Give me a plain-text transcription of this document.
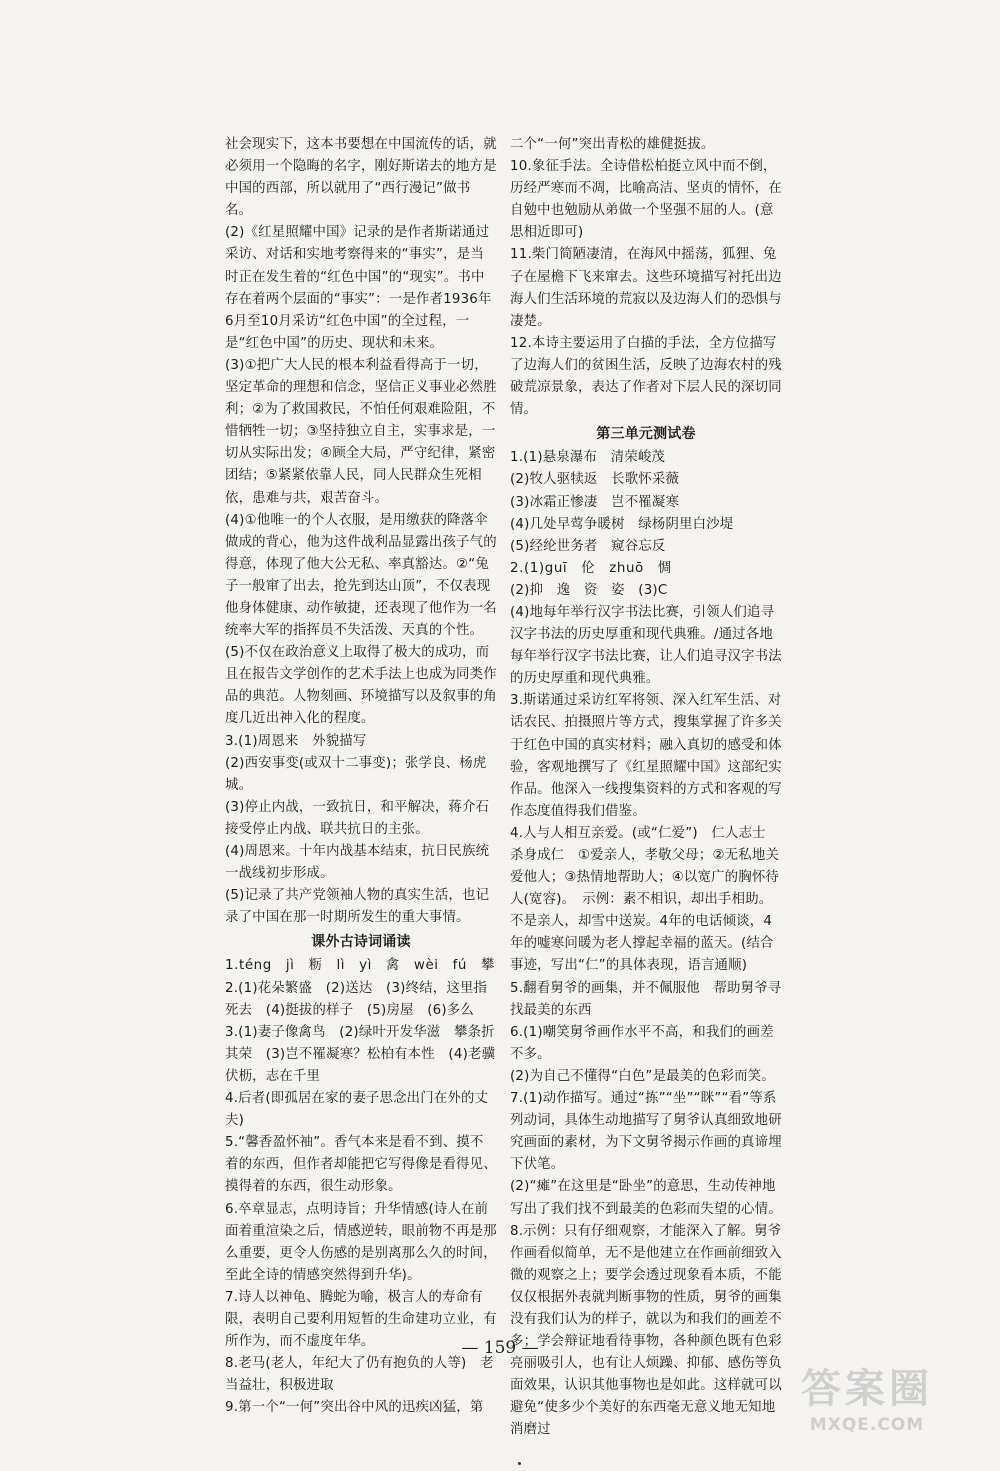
社会现实下，这本书要想在中国流传的话，就必须用一个隐晦的名字，刚好斯诺去的地方是中国的西部，所以就用了“西行漫记”做书名。

(2)《红星照耀中国》记录的是作者斯诺通过采访、对话和实地考察得来的“事实”，是当时正在发生着的“红色中国”的“现实”。书中存在着两个层面的“事实”：一是作者1936年6月至10月采访“红色中国”的全过程，一是“红色中国”的历史、现状和未来。

(3)①把广大人民的根本利益看得高于一切，坚定革命的理想和信念，坚信正义事业必然胜利；②为了救国救民，不怕任何艰难险阻，不惜牺牲一切；③坚持独立自主，实事求是，一切从实际出发；④顾全大局，严守纪律，紧密团结；⑤紧紧依靠人民，同人民群众生死相依，患难与共，艰苦奋斗。

(4)①他唯一的个人衣服，是用缴获的降落伞做成的背心，他为这件战利品显露出孩子气的得意，体现了他大公无私、率真豁达。②“兔子一般窜了出去，抢先到达山顶”，不仅表现他身体健康、动作敏捷，还表现了他作为一名统率大军的指挥员不失活泼、天真的个性。

(5)不仅在政治意义上取得了极大的成功，而且在报告文学创作的艺术手法上也成为同类作品的典范。人物刻画、环境描写以及叙事的角度几近出神入化的程度。

3.(1)周恩来　外貌描写

(2)西安事变(或双十二事变)；张学良、杨虎城。

(3)停止内战，一致抗日，和平解决，蒋介石接受停止内战、联共抗日的主张。

(4)周恩来。十年内战基本结束，抗日民族统一战线初步形成。

(5)记录了共产党领袖人物的真实生活，也记录了中国在那一时期所发生的重大事情。

课外古诗词诵读

1.téng　jì　粝　lì　yì　禽　wèi　fú　攀

2.(1)花朵繁盛　(2)送达　(3)终结，这里指死去　(4)挺拔的样子　(5)房屋　(6)多么

3.(1)妻子像禽鸟　(2)绿叶开发华滋　攀条折其荣　(3)岂不罹凝寒？松柏有本性　(4)老骥伏枥，志在千里

4.后者(即孤居在家的妻子思念出门在外的丈夫)

5.“馨香盈怀袖”。香气本来是看不到、摸不着的东西，但作者却能把它写得像是看得见、摸得着的东西，很生动形象。

6.卒章显志，点明诗旨；升华情感(诗人在前面着重渲染之后，情感逆转，眼前物不再是那么重要，更令人伤感的是别离那么久的时间，至此全诗的情感突然得到升华)。

7.诗人以神龟、腾蛇为喻，极言人的寿命有限，表明自己要利用短暂的生命建功立业，有所作为，而不虚度年华。

8.老马(老人，年纪大了仍有抱负的人等)　老当益壮，积极进取

9.第一个“一何”突出谷中风的迅疾凶猛，第

二个“一何”突出青松的雄健挺拔。

10.象征手法。全诗借松柏挺立风中而不倒，历经严寒而不凋，比喻高洁、坚贞的情怀，在自勉中也勉励从弟做一个坚强不屈的人。(意思相近即可)

11.柴门简陋凄清，在海风中摇荡，狐狸、兔子在屋檐下飞来窜去。这些环境描写衬托出边海人们生活环境的荒寂以及边海人们的恐惧与凄楚。

12.本诗主要运用了白描的手法，全方位描写了边海人们的贫困生活，反映了边海农村的残破荒凉景象，表达了作者对下层人民的深切同情。

第三单元测试卷

1.(1)悬泉瀑布　清荣峻茂

(2)牧人驱犊返　长歌怀采薇

(3)冰霜正惨凄　岂不罹凝寒

(4)几处早莺争暖树　绿杨阴里白沙堤

(5)经纶世务者　窥谷忘反

2.(1)guī　伦　zhuō　惆

(2)抑　逸　资　姿　(3)C

(4)地每年举行汉字书法比赛，引领人们追寻汉字书法的历史厚重和现代典雅。/通过各地每年举行汉字书法比赛，让人们追寻汉字书法的历史厚重和现代典雅。

3.斯诺通过采访红军将领、深入红军生活、对话农民、拍摄照片等方式，搜集掌握了许多关于红色中国的真实材料；融入真切的感受和体验，客观地撰写了《红星照耀中国》这部纪实作品。他深入一线搜集资料的方式和客观的写作态度值得我们借鉴。

4.人与人相互亲爱。(或“仁爱”)　仁人志士　杀身成仁　①爱亲人，孝敬父母；②无私地关爱他人；③热情地帮助人；④以宽广的胸怀待人(宽容)。　示例：素不相识，却出手相助。不是亲人，却雪中送炭。4年的电话倾谈，4年的嘘寒问暖为老人撑起幸福的蓝天。(结合事迹，写出“仁”的具体表现，语言通顺)

5.翻看舅爷的画集，并不佩服他　帮助舅爷寻找最美的东西

6.(1)嘲笑舅爷画作水平不高，和我们的画差不多。

(2)为自己不懂得“白色”是最美的色彩而笑。

7.(1)动作描写。通过“拣”“坐”“眯”“看”等系列动词，具体生动地描写了舅爷认真细致地研究画面的素材，为下文舅爷揭示作画的真谛埋下伏笔。

(2)“瘫”在这里是“卧坐”的意思，生动传神地写出了我们找不到最美的色彩而失望的心情。

8.示例：只有仔细观察，才能深入了解。舅爷作画看似简单，无不是他建立在作画前细致入微的观察之上；要学会透过现象看本质，不能仅仅根据外表就判断事物的性质，舅爷的画集没有我们认为的样子，就以为和我们的画差不多；学会辩证地看待事物，各种颜色既有色彩亮丽吸引人，也有让人烦躁、抑郁、感伤等负面效果，认识其他事物也是如此。这样就可以避免“使多少个美好的东西毫无意义地无知地消磨过

— 159 —
答案圈
MXQE.COM
